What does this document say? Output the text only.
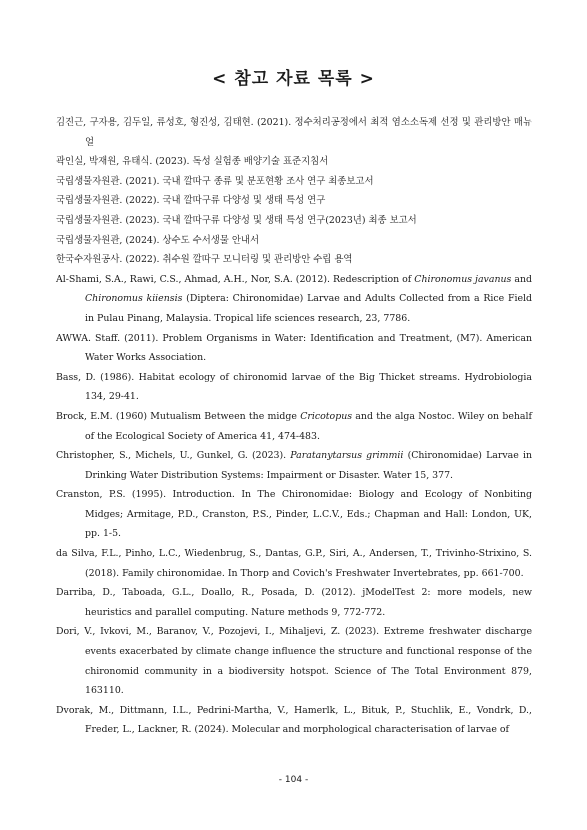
< 참고 자료 목록 >

김진근, 구자용, 김두일, 류성호, 형진성, 김태현. (2021). 정수처리공정에서 최적 염소소독제 선정 및 관리방안 매뉴얼

곽인실, 박재원, 유태식. (2023). 독성 실험종 배양기술 표준지침서

국립생물자원관. (2021). 국내 깔따구 종류 및 분포현황 조사 연구 최종보고서

국립생물자원관. (2022). 국내 깔따구류 다양성 및 생태 특성 연구

국립생물자원관. (2023). 국내 깔따구류 다양성 및 생태 특성 연구(2023년) 최종 보고서

국립생물자원관, (2024). 상수도 수서생물 안내서

한국수자원공사. (2022). 취수원 깔따구 모니터링 및 관리방안 수립 용역

Al-Shami, S.A., Rawi, C.S., Ahmad, A.H., Nor, S.A. (2012). Redescription of Chironomus javanus and Chironomus kiiensis (Diptera: Chironomidae) Larvae and Adults Collected from a Rice Field in Pulau Pinang, Malaysia. Tropical life sciences research, 23, 7786.

AWWA. Staff. (2011). Problem Organisms in Water: Identification and Treatment, (M7). American Water Works Association.

Bass, D. (1986). Habitat ecology of chironomid larvae of the Big Thicket streams. Hydrobiologia 134, 29-41.

Brock, E.M. (1960) Mutualism Between the midge Cricotopus and the alga Nostoc. Wiley on behalf of the Ecological Society of America 41, 474-483.

Christopher, S., Michels, U., Gunkel, G. (2023). Paratanytarsus grimmii (Chironomidae) Larvae in Drinking Water Distribution Systems: Impairment or Disaster. Water 15, 377.

Cranston, P.S. (1995). Introduction. In The Chironomidae: Biology and Ecology of Nonbiting Midges; Armitage, P.D., Cranston, P.S., Pinder, L.C.V., Eds.; Chapman and Hall: London, UK, pp. 1-5.

da Silva, F.L., Pinho, L.C., Wiedenbrug, S., Dantas, G.P., Siri, A., Andersen, T., Trivinho-Strixino, S. (2018). Family chironomidae. In Thorp and Covich's Freshwater Invertebrates, pp. 661-700.

Darriba, D., Taboada, G.L., Doallo, R., Posada, D. (2012). jModelTest 2: more models, new heuristics and parallel computing. Nature methods 9, 772-772.

Dori, V., Ivkovi, M., Baranov, V., Pozojevi, I., Mihaljevi, Z. (2023). Extreme freshwater discharge events exacerbated by climate change influence the structure and functional response of the chironomid community in a biodiversity hotspot. Science of The Total Environment 879, 163110.

Dvorak, M., Dittmann, I.L., Pedrini-Martha, V., Hamerlk, L., Bituk, P., Stuchlik, E., Vondrk, D., Freder, L., Lackner, R. (2024). Molecular and morphological characterisation of larvae of

- 104 -
